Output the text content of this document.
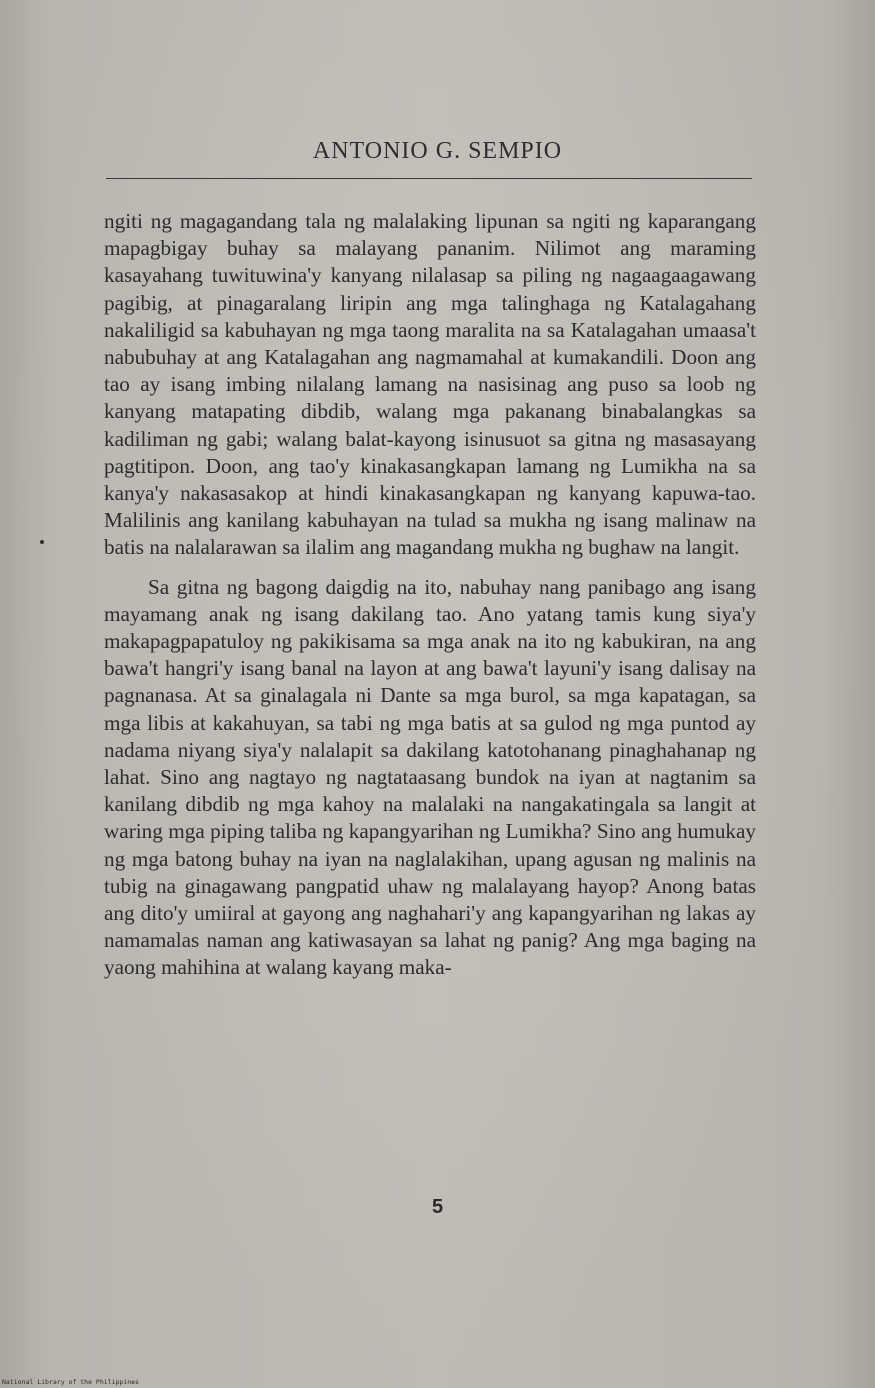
ANTONIO G. SEMPIO

ngiti ng magagandang tala ng malalaking lipunan sa ngiti ng kaparangang mapagbigay buhay sa malayang pananim. Nilimot ang maraming kasayahang tuwituwina'y kanyang nilalasap sa piling ng nagaagaagawang pagibig, at pinagaralang liripin ang mga talinghaga ng Katalagahang nakaliligid sa kabuhayan ng mga taong maralita na sa Katalagahan umaasa't nabubuhay at ang Katalagahan ang nagmamahal at kumakandili. Doon ang tao ay isang imbing nilalang lamang na nasisinag ang puso sa loob ng kanyang matapating dibdib, walang mga pakanang binabalangkas sa kadiliman ng gabi; walang balat-kayong isinusuot sa gitna ng masasayang pagtitipon. Doon, ang tao'y kinakasangkapan lamang ng Lumikha na sa kanya'y nakasasakop at hindi kinakasangkapan ng kanyang kapuwa-tao. Malilinis ang kanilang kabuhayan na tulad sa mukha ng isang malinaw na batis na nalalarawan sa ilalim ang magandang mukha ng bughaw na langit.

Sa gitna ng bagong daigdig na ito, nabuhay nang panibago ang isang mayamang anak ng isang dakilang tao. Ano yatang tamis kung siya'y makapagpapatuloy ng pakikisama sa mga anak na ito ng kabukiran, na ang bawa't hangri'y isang banal na layon at ang bawa't layuni'y isang dalisay na pagnanasa. At sa ginalagala ni Dante sa mga burol, sa mga kapatagan, sa mga libis at kakahuyan, sa tabi ng mga batis at sa gulod ng mga puntod ay nadama niyang siya'y nalalapit sa dakilang katotohanang pinaghahanap ng lahat. Sino ang nagtayo ng nagtataasang bundok na iyan at nagtanim sa kanilang dibdib ng mga kahoy na malalaki na nangakatingala sa langit at waring mga piping taliba ng kapangyarihan ng Lumikha? Sino ang humukay ng mga batong buhay na iyan na naglalakihan, upang agusan ng malinis na tubig na ginagawang pangpatid uhaw ng malalayang hayop? Anong batas ang dito'y umiiral at gayong ang naghahari'y ang kapangyarihan ng lakas ay namamalas naman ang katiwasayan sa lahat ng panig? Ang mga baging na yaong mahihina at walang kayang maka-

5
National Library of the Philippines
